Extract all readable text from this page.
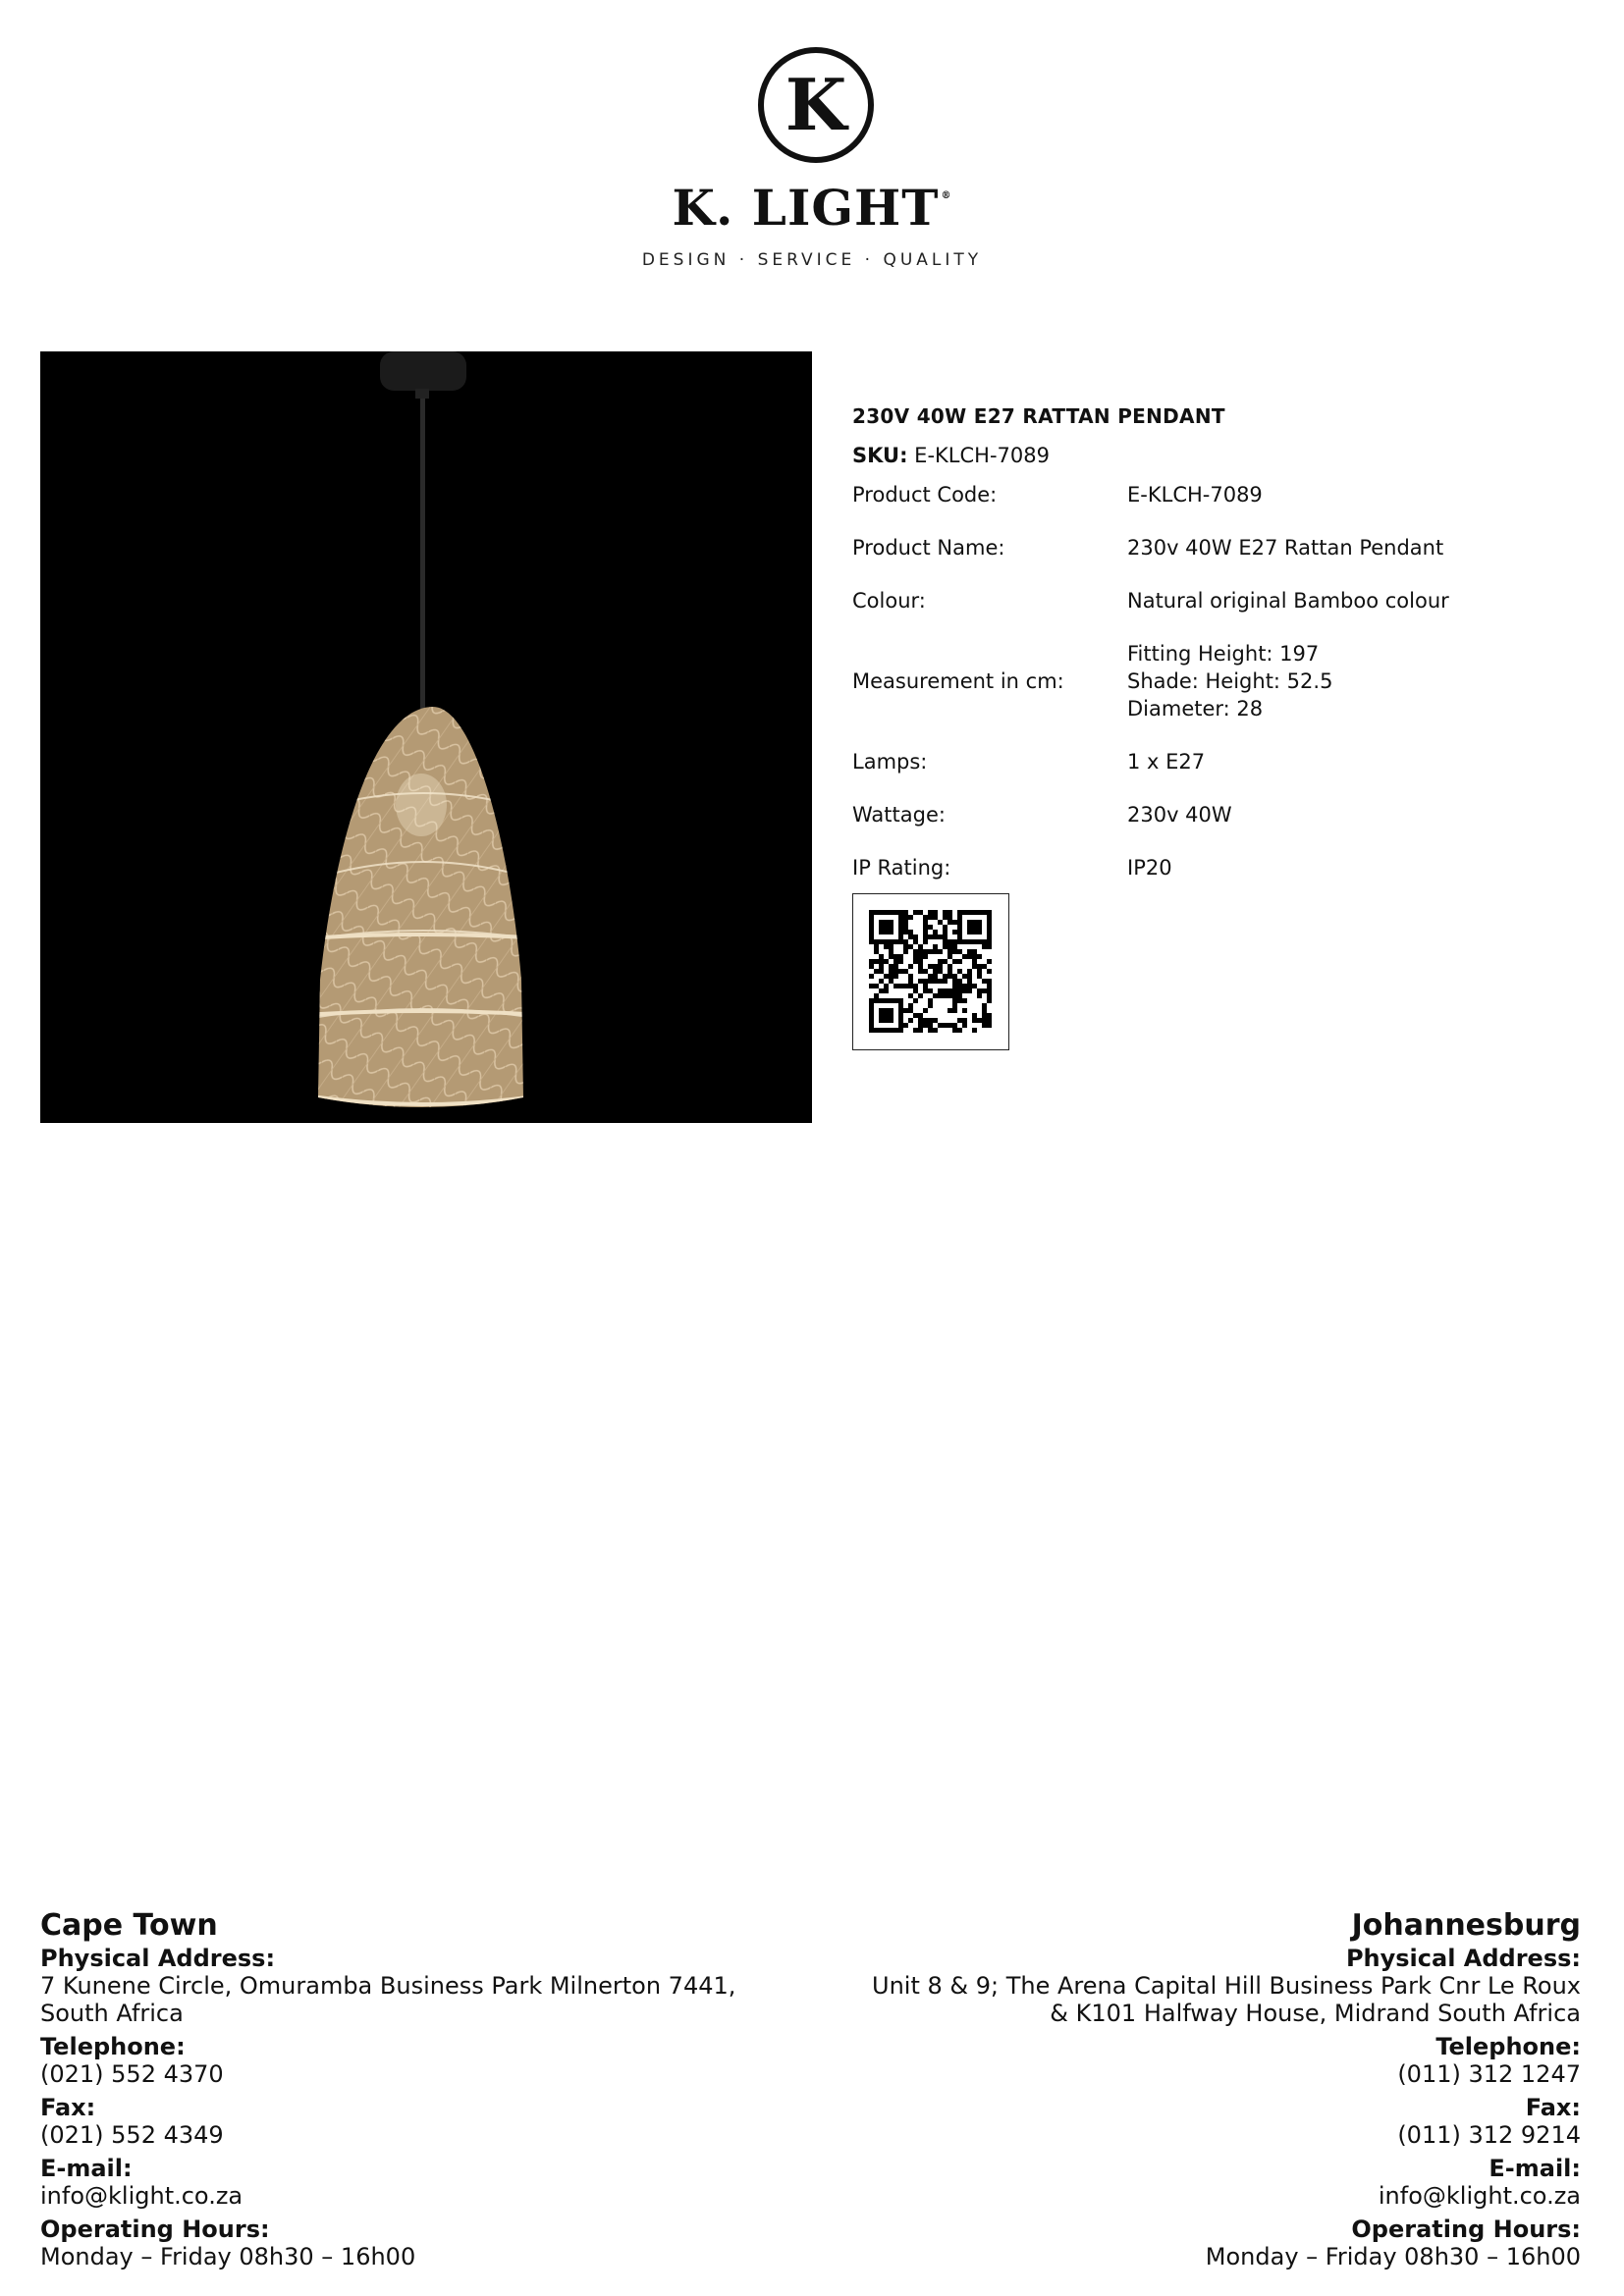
K
K. LIGHT ®
DESIGN · SERVICE · QUALITY
230V 40W E27 RATTAN PENDANT
SKU: E-KLCH-7089
Product Code:	E-KLCH-7089
Product Name:	230v 40W E27 Rattan Pendant
Colour:	Natural original Bamboo colour
Measurement in cm:	Fitting Height: 197
Shade: Height: 52.5
Diameter: 28

Lamps:	1 x E27
Wattage:	230v 40W
IP Rating:	IP20
Cape Town
Physical Address:
7 Kunene Circle, Omuramba Business Park Milnerton 7441,
South Africa
Telephone:
(021) 552 4370
Fax:
(021) 552 4349
E-mail:
info@klight.co.za
Operating Hours:
Monday – Friday 08h30 – 16h00
Johannesburg
Physical Address:
Unit 8 & 9; The Arena Capital Hill Business Park Cnr Le Roux
& K101 Halfway House, Midrand South Africa
Telephone:
(011) 312 1247
Fax:
(011) 312 9214
E-mail:
info@klight.co.za
Operating Hours:
Monday – Friday 08h30 – 16h00
